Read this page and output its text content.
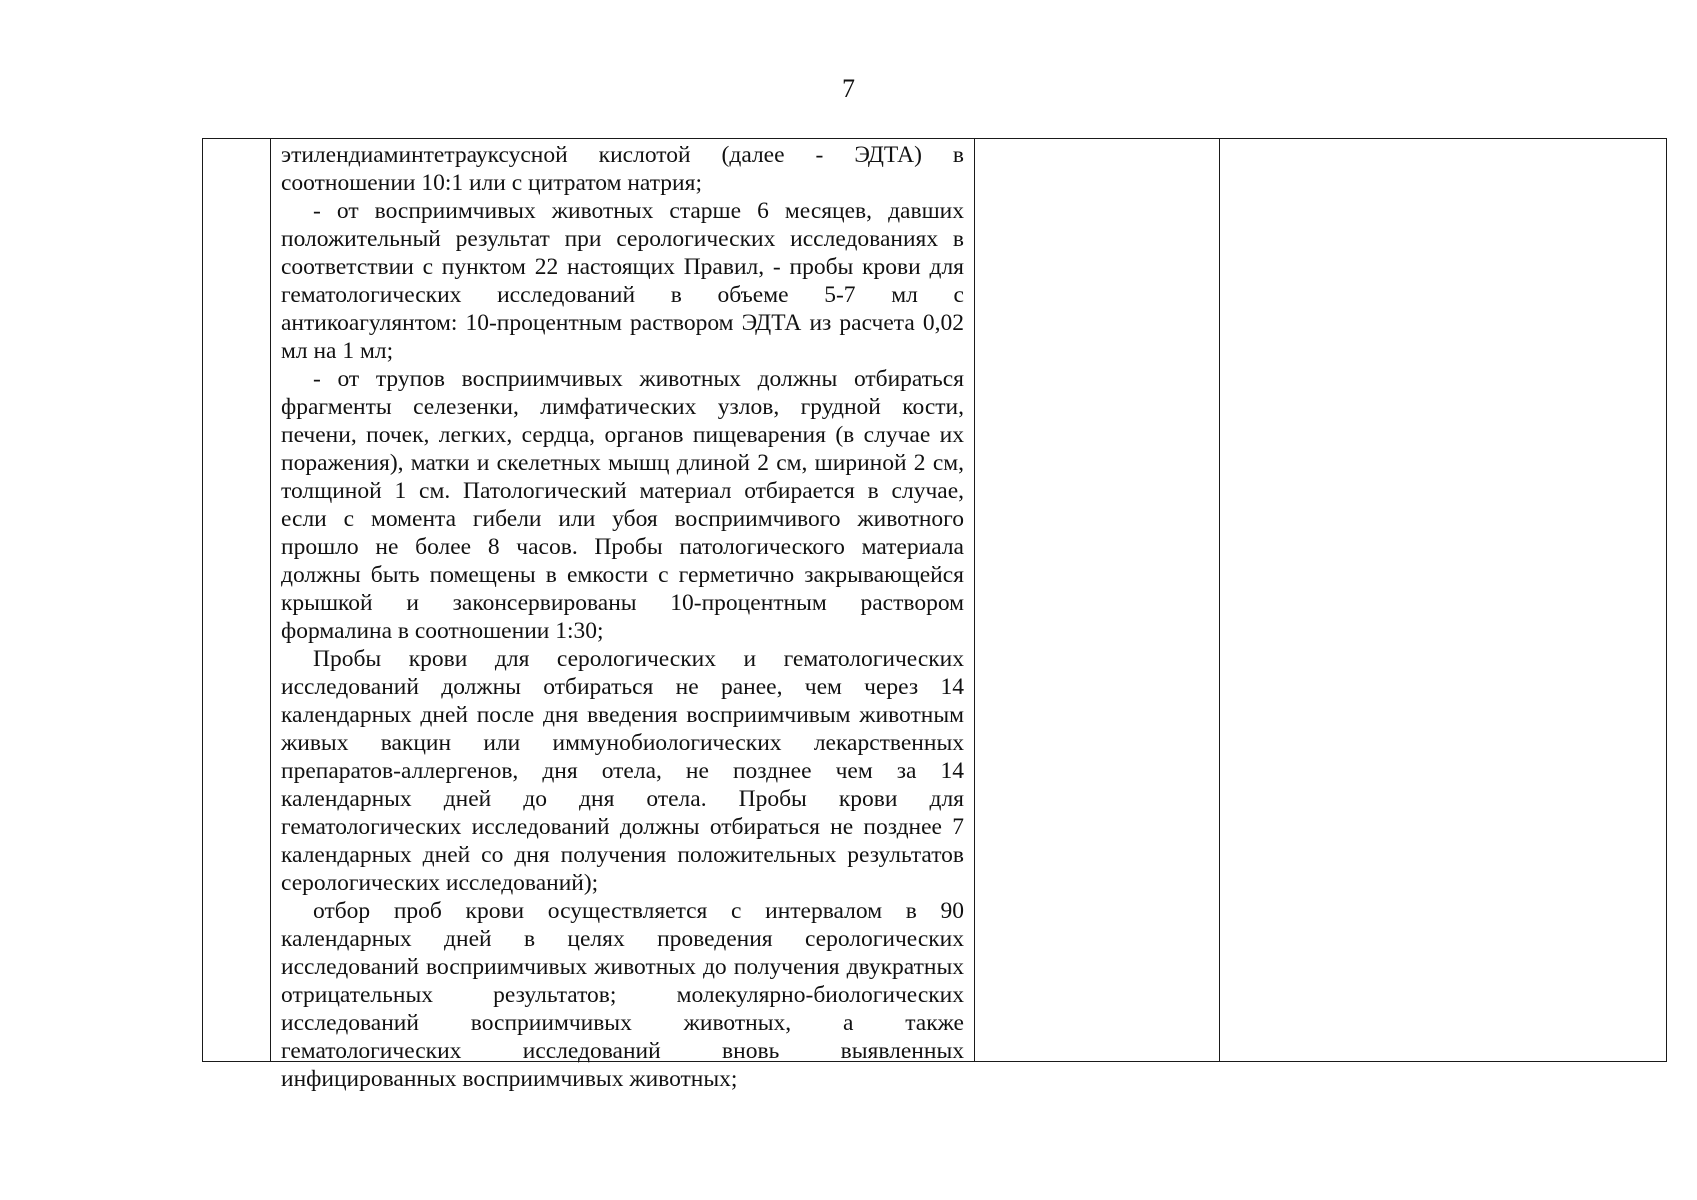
7

этилендиаминтетрауксусной кислотой (далее - ЭДТА) в соотношении 10:1 или с цитратом натрия;

- от восприимчивых животных старше 6 месяцев, давших положительный результат при серологических исследованиях в соответствии с пунктом 22 настоящих Правил, - пробы крови для гематологических исследований в объеме 5-7 мл с антикоагулянтом: 10-процентным раствором ЭДТА из расчета 0,02 мл на 1 мл;

- от трупов восприимчивых животных должны отбираться фрагменты селезенки, лимфатических узлов, грудной кости, печени, почек, легких, сердца, органов пищеварения (в случае их поражения), матки и скелетных мышц длиной 2 см, шириной 2 см, толщиной 1 см. Патологический материал отбирается в случае, если с момента гибели или убоя восприимчивого животного прошло не более 8 часов. Пробы патологического материала должны быть помещены в емкости с герметично закрывающейся крышкой и законсервированы 10-процентным раствором формалина в соотношении 1:30;

Пробы крови для серологических и гематологических исследований должны отбираться не ранее, чем через 14 календарных дней после дня введения восприимчивым животным живых вакцин или иммунобиологических лекарственных препаратов-аллергенов, дня отела, не позднее чем за 14 календарных дней до дня отела. Пробы крови для гематологических исследований должны отбираться не позднее 7 календарных дней со дня получения положительных результатов серологических исследований);

отбор проб крови осуществляется с интервалом в 90 календарных дней в целях проведения серологических исследований восприимчивых животных до получения двукратных отрицательных результатов; молекулярно-биологических исследований восприимчивых животных, а также гематологических исследований вновь выявленных инфицированных восприимчивых животных;
